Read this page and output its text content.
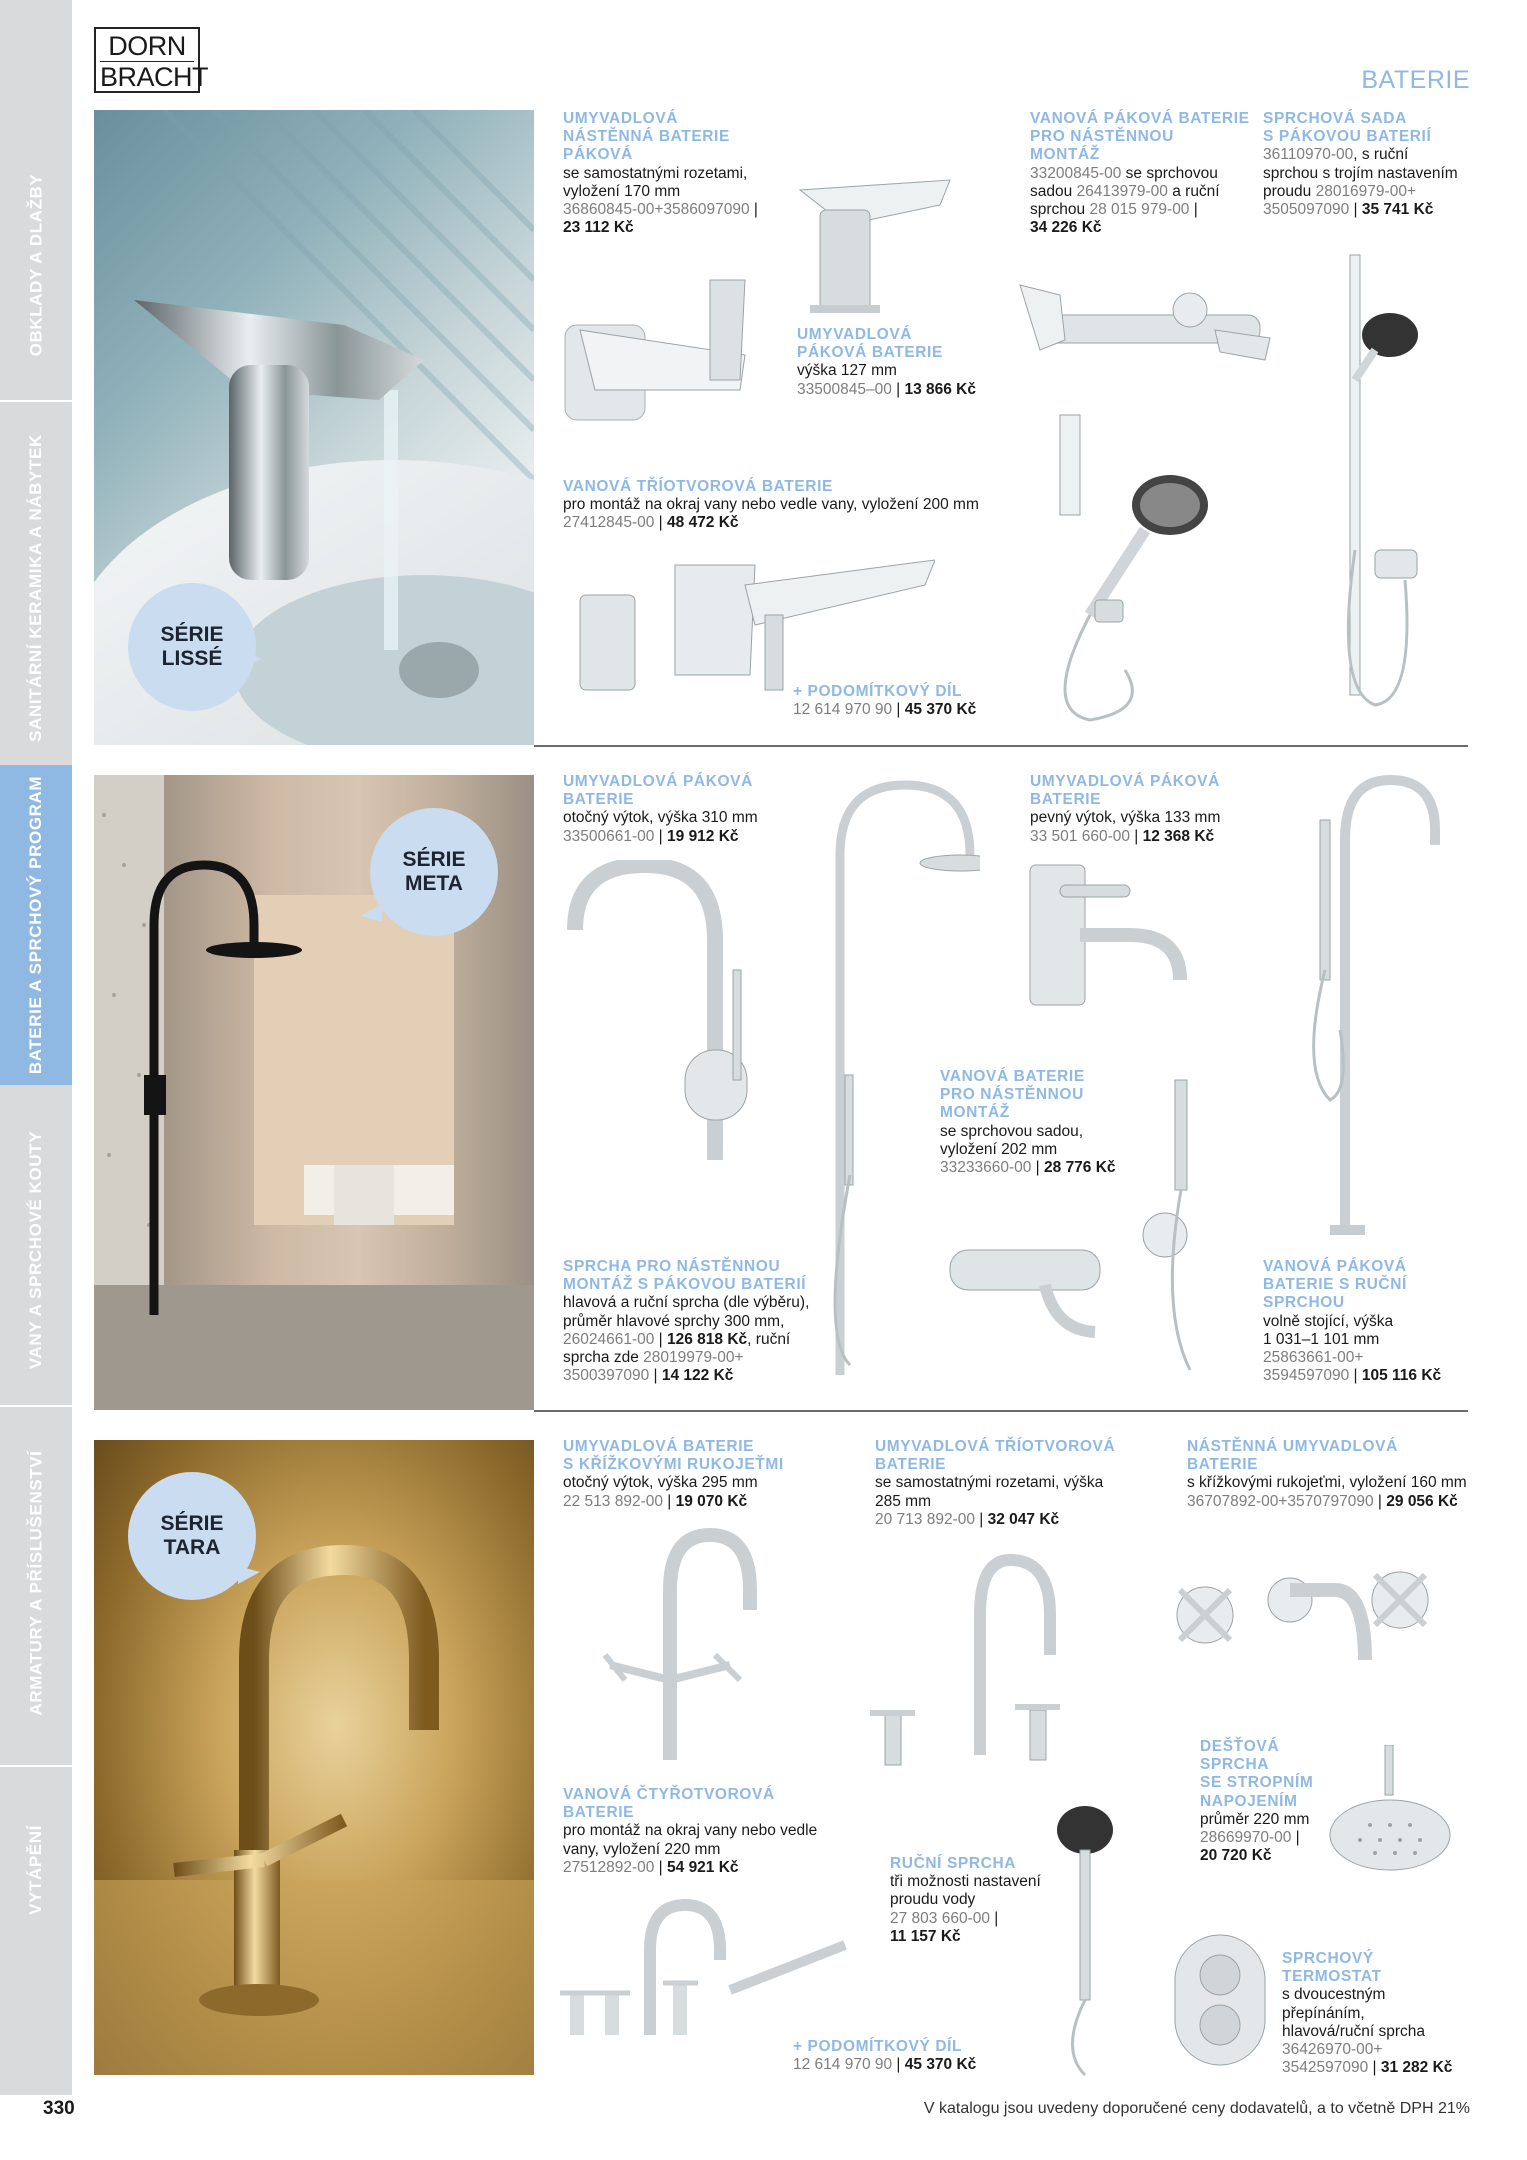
OBKLADY A DLAŽBY
SANITÁRNÍ KERAMIKA A NÁBYTEK
BATERIE A SPRCHOVÝ PROGRAM
VANY A SPRCHOVÉ KOUTY
ARMATURY A PŘÍSLUŠENSTVÍ
VYTÁPĚNÍ
DORN
BRACHT	BATERIE
SÉRIE
LISSÉ
SÉRIE
META
SÉRIE
TARA
UMYVADLOVÁ
NÁSTĚNNÁ BATERIE
PÁKOVÁ
se samostatnými rozetami,
vyložení 170 mm
36860845-00+3586097090 |
23 112 Kč
UMYVADLOVÁ
PÁKOVÁ BATERIE
výška 127 mm
33500845–00 | 13 866 Kč
VANOVÁ PÁKOVÁ BATERIE
PRO NÁSTĚNNOU
MONTÁŽ
33200845-00 se sprchovou
sadou 26413979-00 a ruční
sprchou 28 015 979-00 |
34 226 Kč
SPRCHOVÁ SADA
S PÁKOVOU BATERIÍ
36110970-00, s ruční
sprchou s trojím nastavením
proudu 28016979-00+
3505097090 | 35 741 Kč
VANOVÁ TŘÍOTVOROVÁ BATERIE
pro montáž na okraj vany nebo vedle vany, vyložení 200 mm
27412845-00 | 48 472 Kč
+ PODOMÍTKOVÝ DÍL
12 614 970 90 | 45 370 Kč
UMYVADLOVÁ PÁKOVÁ
BATERIE
otočný výtok, výška 310 mm
33500661-00 | 19 912 Kč
UMYVADLOVÁ PÁKOVÁ
BATERIE
pevný výtok, výška 133 mm
33 501 660-00 | 12 368 Kč
VANOVÁ BATERIE
PRO NÁSTĚNNOU
MONTÁŽ
se sprchovou sadou,
vyložení 202 mm
33233660-00 | 28 776 Kč
SPRCHA PRO NÁSTĚNNOU
MONTÁŽ S PÁKOVOU BATERIÍ
hlavová a ruční sprcha (dle výběru),
průměr hlavové sprchy 300 mm,
26024661-00 | 126 818 Kč, ruční
sprcha zde 28019979-00+
3500397090 | 14 122 Kč
VANOVÁ PÁKOVÁ
BATERIE S RUČNÍ
SPRCHOU
volně stojící, výška
1 031–1 101 mm
25863661-00+
3594597090 | 105 116 Kč
UMYVADLOVÁ BATERIE
S KŘÍŽKOVÝMI RUKOJEŤMI
otočný výtok, výška 295 mm
22 513 892-00 | 19 070 Kč
UMYVADLOVÁ TŘÍOTVOROVÁ
BATERIE
se samostatnými rozetami, výška
285 mm
20 713 892-00 | 32 047 Kč
NÁSTĚNNÁ UMYVADLOVÁ
BATERIE
s křížkovými rukojeťmi, vyložení 160 mm
36707892-00+3570797090 | 29 056 Kč
DEŠŤOVÁ
SPRCHA
SE STROPNÍM
NAPOJENÍM
průměr 220 mm
28669970-00 |
20 720 Kč
VANOVÁ ČTYŘOTVOROVÁ
BATERIE
pro montáž na okraj vany nebo vedle
vany, vyložení 220 mm
27512892-00 | 54 921 Kč	RUČNÍ SPRCHA
tři možnosti nastavení
proudu vody
27 803 660-00 |
11 157 Kč
SPRCHOVÝ
TERMOSTAT
s dvoucestným
přepínáním,
hlavová/ruční sprcha
36426970-00+
3542597090 | 31 282 Kč
+ PODOMÍTKOVÝ DÍL
12 614 970 90 | 45 370 Kč
330	V katalogu jsou uvedeny doporučené ceny dodavatelů, a to včetně DPH 21%
